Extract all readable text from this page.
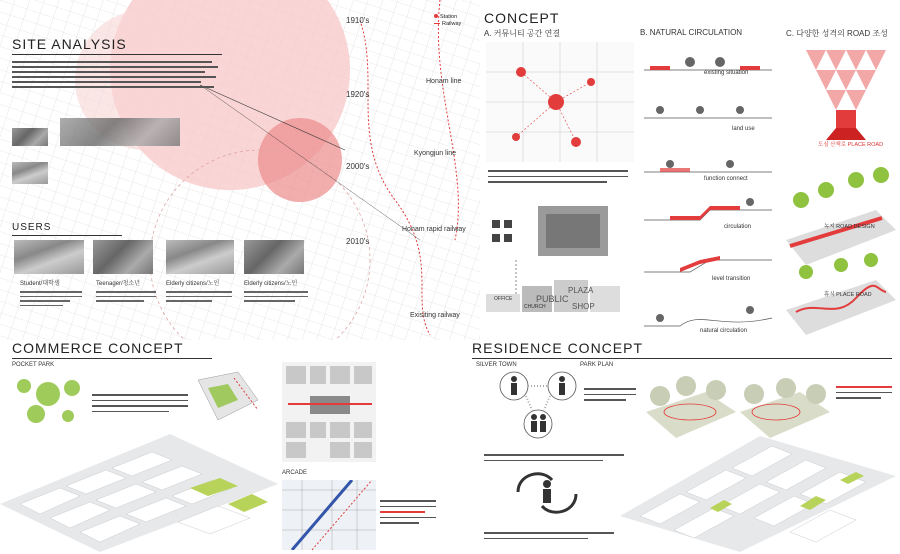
SITE ANALYSIS
Station
Railway
1910's
1920's
2000's
2010's
Honam line
Kyongjun line
Honam rapid railway
Exisiting railway
USERS
Student/대학생	Teenager/청소년	Elderly citizens/노인	Elderly citizens/노인
CONCEPT
A. 커뮤니티 공간 연결	B. NATURAL CIRCULATION	C. 다양한 성격의 ROAD 조성
OFFICE
CHURCH
PUBLIC
PLAZA
SHOP
existing situation
land use
function connect
circulation
level transition
natural circulation
도심 산책로 PLACE ROAD
녹지 ROAD DESIGN
휴식 PLACE ROAD
COMMERCE CONCEPT
POCKET PARK
ARCADE
RESIDENCE CONCEPT
SILVER TOWN	PARK PLAN
